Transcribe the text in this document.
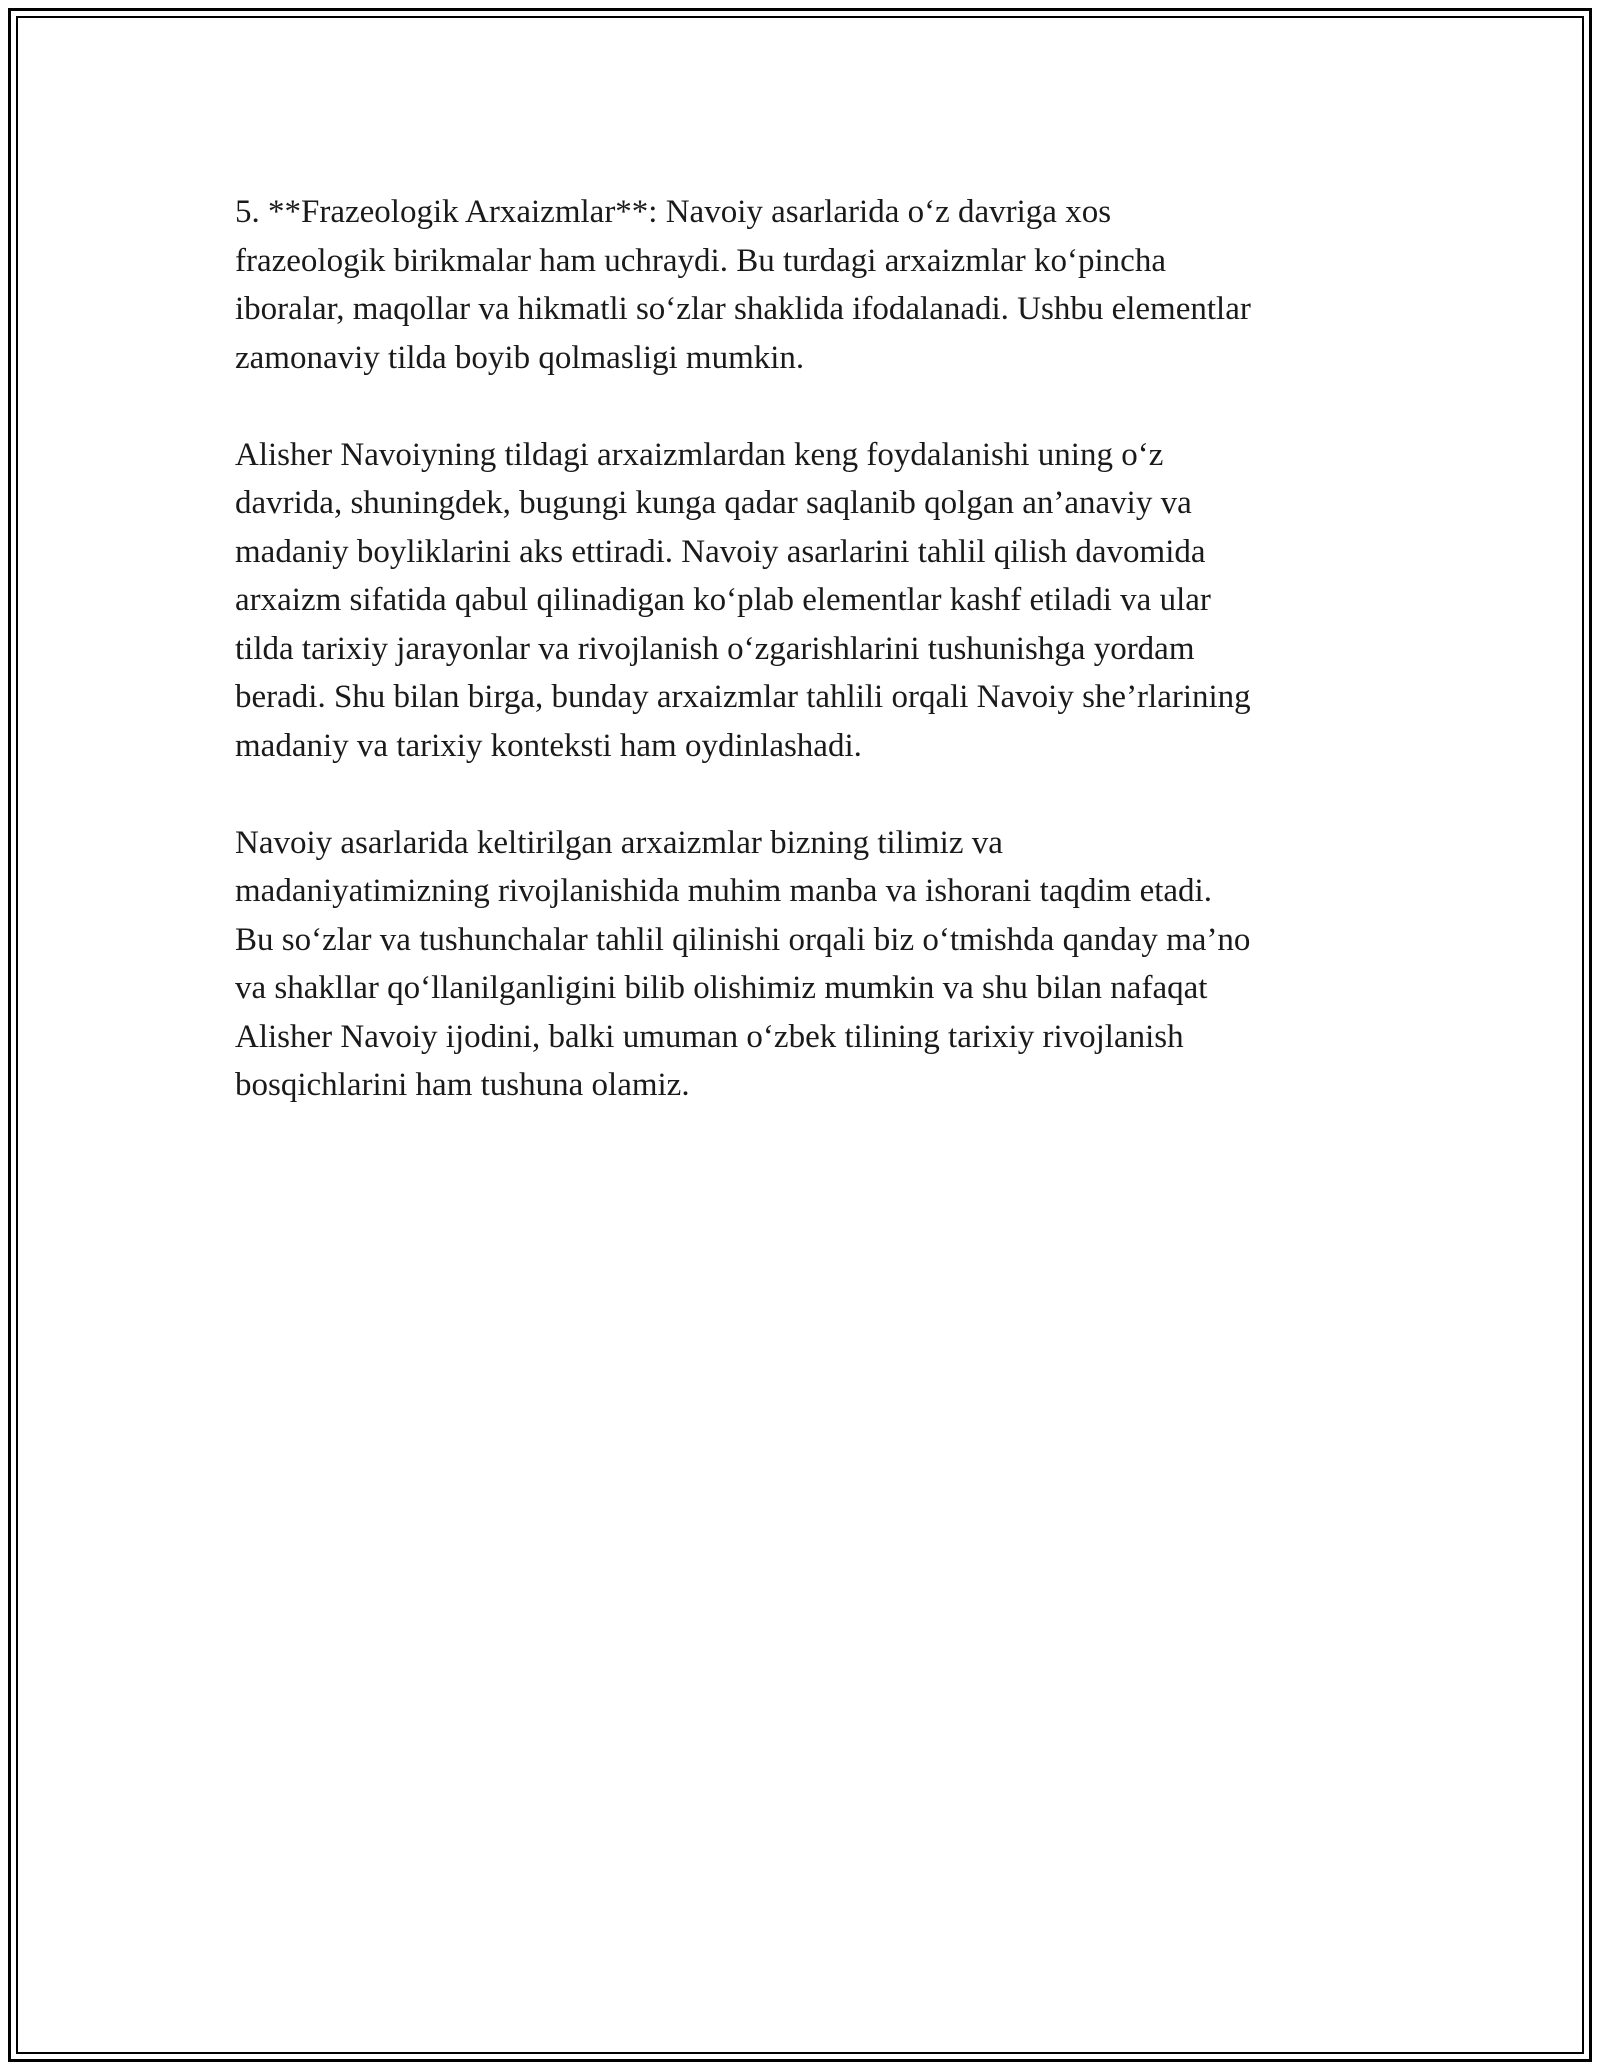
5. **Frazeologik Arxaizmlar**: Navoiy asarlarida oʻz davriga xos
frazeologik birikmalar ham uchraydi. Bu turdagi arxaizmlar koʻpincha
iboralar, maqollar va hikmatli soʻzlar shaklida ifodalanadi. Ushbu elementlar
zamonaviy tilda boyib qolmasligi mumkin.

Alisher Navoiyning tildagi arxaizmlardan keng foydalanishi uning oʻz
davrida, shuningdek, bugungi kunga qadar saqlanib qolgan an’anaviy va
madaniy boyliklarini aks ettiradi. Navoiy asarlarini tahlil qilish davomida
arxaizm sifatida qabul qilinadigan koʻplab elementlar kashf etiladi va ular
tilda tarixiy jarayonlar va rivojlanish oʻzgarishlarini tushunishga yordam
beradi. Shu bilan birga, bunday arxaizmlar tahlili orqali Navoiy she’rlarining
madaniy va tarixiy konteksti ham oydinlashadi.

Navoiy asarlarida keltirilgan arxaizmlar bizning tilimiz va
madaniyatimizning rivojlanishida muhim manba va ishorani taqdim etadi.
Bu soʻzlar va tushunchalar tahlil qilinishi orqali biz oʻtmishda qanday ma’no
va shakllar qoʻllanilganligini bilib olishimiz mumkin va shu bilan nafaqat
Alisher Navoiy ijodini, balki umuman oʻzbek tilining tarixiy rivojlanish
bosqichlarini ham tushuna olamiz.
